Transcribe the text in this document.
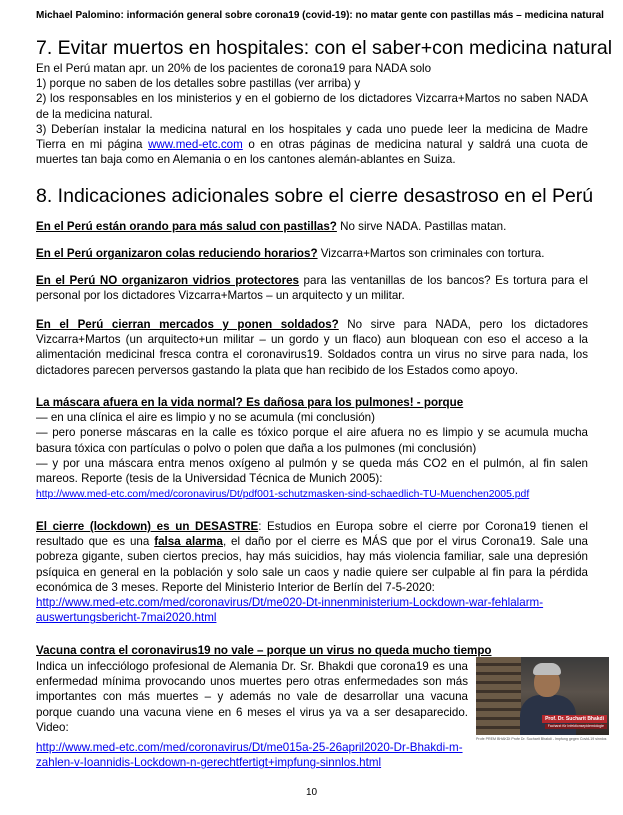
Michael Palomino: información general sobre corona19 (covid-19): no matar gente con pastillas más – medicina natural
7. Evitar muertos en hospitales: con el saber+con medicina natural

En el Perú matan apr. un 20% de los pacientes de corona19 para NADA solo

1) porque no saben de los detalles sobre pastillas (ver arriba) y

2) los responsables en los ministerios y en el gobierno de los dictadores Vizcarra+Martos no saben NADA de la medicina natural.

3) Deberían instalar la medicina natural en los hospitales y cada uno puede leer la medicina de Madre Tierra en mi página www.med-etc.com o en otras páginas de medicina natural y saldrá una cuota de muertes tan baja como en Alemania o en los cantones alemán-ablantes en Suiza.

8. Indicaciones adicionales sobre el cierre desastroso en el Perú

En el Perú están orando para más salud con pastillas? No sirve NADA. Pastillas matan.

En el Perú organizaron colas reduciendo horarios? Vizcarra+Martos son criminales con tortura.

En el Perú NO organizaron vidrios protectores para las ventanillas de los bancos? Es tortura para el personal por los dictadores Vizcarra+Martos – un arquitecto y un militar.

En el Perú cierran mercados y ponen soldados? No sirve para NADA, pero los dictadores Vizcarra+Martos (un arquitecto+un militar – un gordo y un flaco) aun bloquean con eso el acceso a la alimentación medicinal fresca contra el coronavirus19. Soldados contra un virus no sirve para nada, los dictadores parecen perversos gastando la plata que han recibido de los Estados como apoyo.

La máscara afuera en la vida normal? Es dañosa para los pulmones! - porque

— en una clínica el aire es limpio y no se acumula (mi conclusión)

— pero ponerse máscaras en la calle es tóxico porque el aire afuera no es limpio y se acumula mucha basura tóxica con partículas o polvo o polen que daña a los pulmones (mi conclusión)

— y por una máscara entra menos oxígeno al pulmón y se queda más CO2 en el pulmón, al fin salen mareos. Reporte (tesis de la Universidad Técnica de Munich 2005):

http://www.med-etc.com/med/coronavirus/Dt/pdf001-schutzmasken-sind-schaedlich-TU-Muenchen2005.pdf

El cierre (lockdown) es un DESASTRE: Estudios en Europa sobre el cierre por Corona19 tienen el resultado que es una falsa alarma, el daño por el cierre es MÁS que por el virus Corona19. Sale una pobreza gigante, suben ciertos precios, hay más suicidios, hay más violencia familiar, sale una depresión psíquica en general en la población y solo sale un caos y nadie quiere ser culpable al fin para la pérdida económica de 3 meses. Reporte del Ministerio Interior de Berlín del 7-5-2020:

http://www.med-etc.com/med/coronavirus/Dt/me020-Dt-innenministerium-Lockdown-war-fehlalarm-auswertungsbericht-7mai2020.html

Vacuna contra el coronavirus19 no vale – porque un virus no queda mucho tiempo

Indica un infecciólogo profesional de Alemania Dr. Sr. Bhakdi que corona19 es una enfermedad mínima provocando unos muertes pero otras enfermedades son más importantes con más muertes – y además no vale de desarrollar una vacuna porque cuando una vacuna viene en 6 meses el virus ya va a ser desaparecido. Video:

http://www.med-etc.com/med/coronavirus/Dt/me015a-25-26april2020-Dr-Bhakdi-m-zahlen-v-Ioannidis-Lockdown-n-gerechtfertigt+impfung-sinnlos.html

Prof. Dr. Sucharit Bhakdi
Facharzt für Infektionsepidemiologie
Profe PREM BHAKDI Profe Dr. Sucharit Bhakdi - Impfung gegen Covid-19 sinnlos
10
